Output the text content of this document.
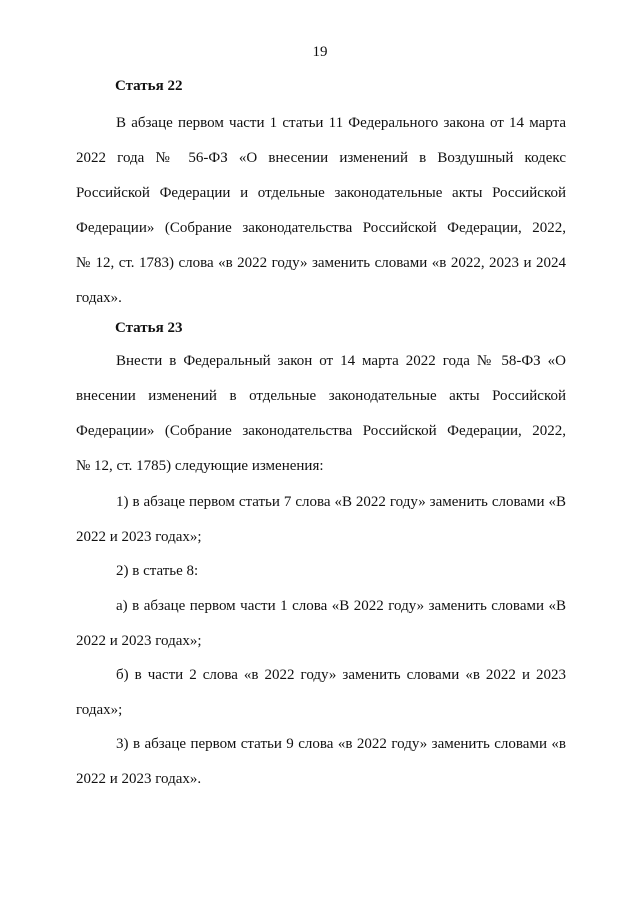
19
Статья 22
В абзаце первом части 1 статьи 11 Федерального закона от 14 марта 2022 года № 56-ФЗ «О внесении изменений в Воздушный кодекс Российской Федерации и отдельные законодательные акты Российской Федерации» (Собрание законодательства Российской Федерации, 2022, № 12, ст. 1783) слова «в 2022 году» заменить словами «в 2022, 2023 и 2024 годах».
Статья 23
Внести в Федеральный закон от 14 марта 2022 года № 58-ФЗ «О внесении изменений в отдельные законодательные акты Российской Федерации» (Собрание законодательства Российской Федерации, 2022, № 12, ст. 1785) следующие изменения:
1) в абзаце первом статьи 7 слова «В 2022 году» заменить словами «В 2022 и 2023 годах»;
2) в статье 8:
а) в абзаце первом части 1 слова «В 2022 году» заменить словами «В 2022 и 2023 годах»;
б) в части 2 слова «в 2022 году» заменить словами «в 2022 и 2023 годах»;
3) в абзаце первом статьи 9 слова «в 2022 году» заменить словами «в 2022 и 2023 годах».
